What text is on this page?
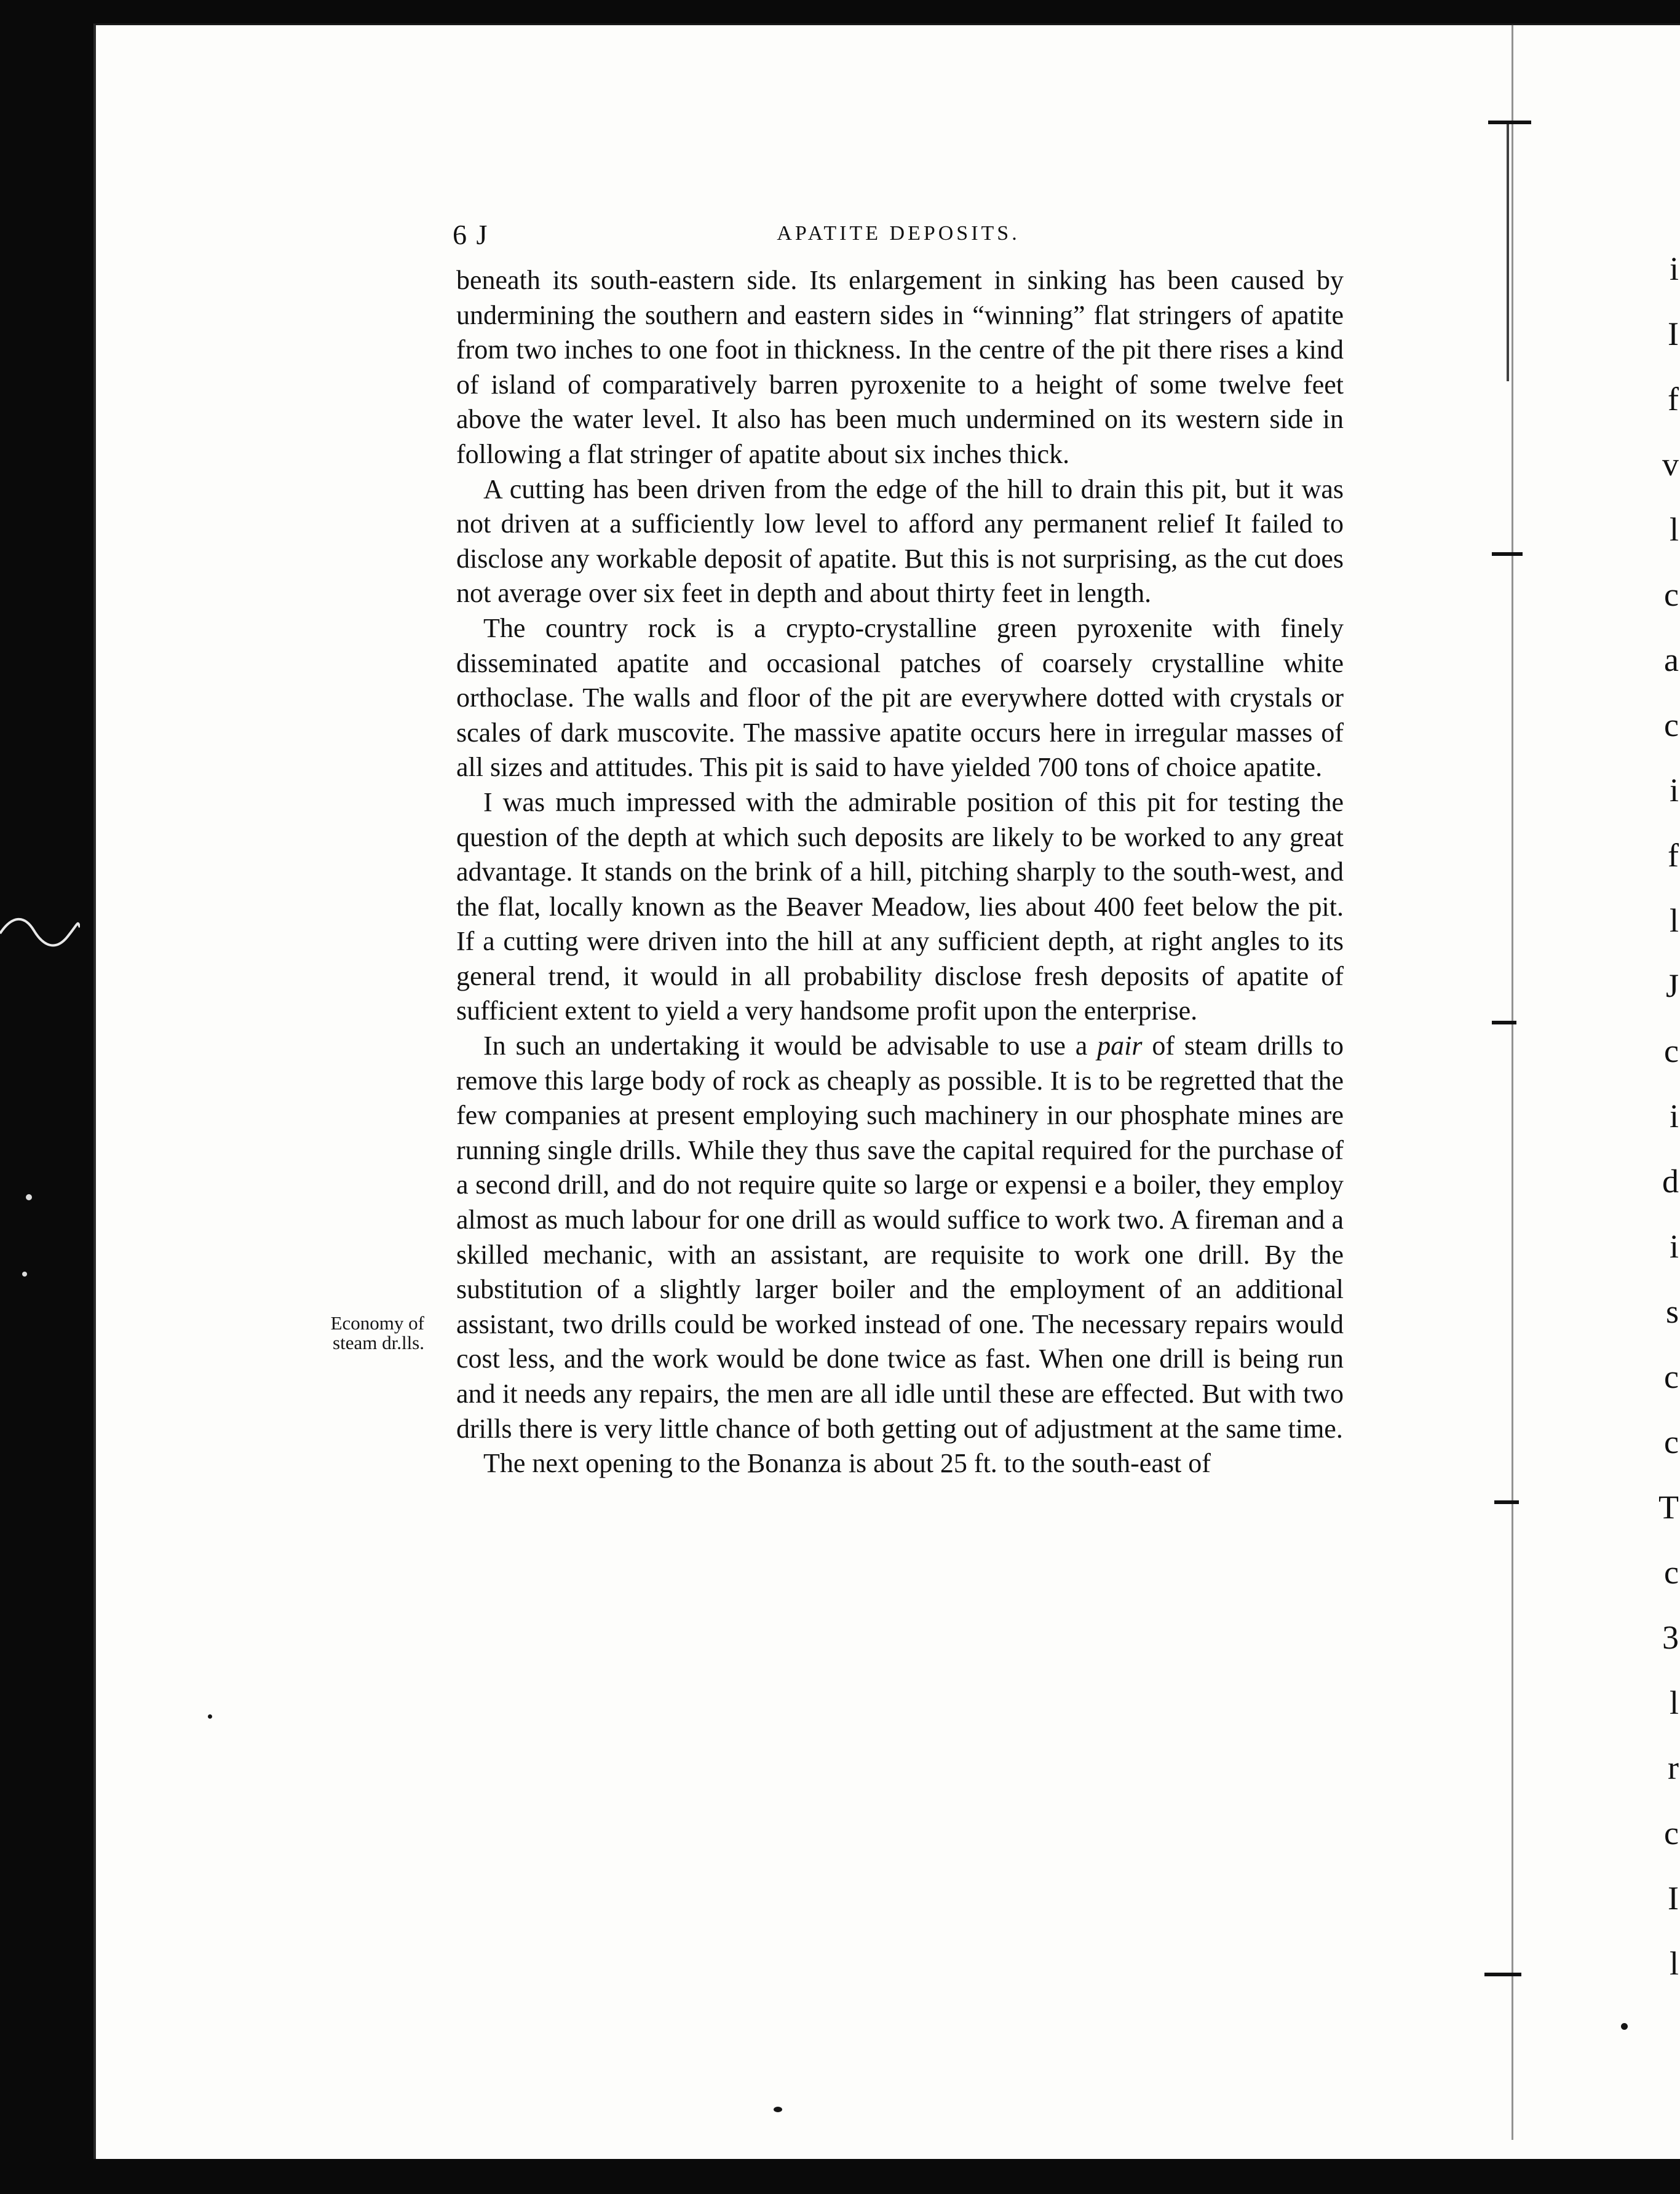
i
I
f
v
l
c
a
c
i
f
l
J
c
i
d
i
s
c
c
T
c
3
l
r
c
I
l
6 J	APATITE DEPOSITS.
Economy of
steam dr.lls.

beneath its south-eastern side. Its enlargement in sinking has been caused by undermining the southern and eastern sides in “winning” flat stringers of apatite from two inches to one foot in thickness. In the centre of the pit there rises a kind of island of comparatively barren pyroxenite to a height of some twelve feet above the water level. It also has been much undermined on its western side in following a flat stringer of apatite about six inches thick.

A cutting has been driven from the edge of the hill to drain this pit, but it was not driven at a sufficiently low level to afford any permanent relief It failed to disclose any workable deposit of apatite. But this is not surprising, as the cut does not average over six feet in depth and about thirty feet in length.

The country rock is a crypto-crystalline green pyroxenite with finely disseminated apatite and occasional patches of coarsely crystalline white orthoclase. The walls and floor of the pit are everywhere dotted with crystals or scales of dark muscovite. The massive apatite occurs here in irregular masses of all sizes and attitudes. This pit is said to have yielded 700 tons of choice apatite.

I was much impressed with the admirable position of this pit for testing the question of the depth at which such deposits are likely to be worked to any great advantage. It stands on the brink of a hill, pitching sharply to the south-west, and the flat, locally known as the Beaver Meadow, lies about 400 feet below the pit. If a cutting were driven into the hill at any sufficient depth, at right angles to its general trend, it would in all probability disclose fresh deposits of apatite of sufficient extent to yield a very handsome profit upon the enterprise.

In such an undertaking it would be advisable to use a pair of steam drills to remove this large body of rock as cheaply as possible. It is to be regretted that the few companies at present employing such machinery in our phosphate mines are running single drills. While they thus save the capital required for the purchase of a second drill, and do not require quite so large or expensi e a boiler, they employ almost as much labour for one drill as would suffice to work two. A fireman and a skilled mechanic, with an assistant, are requisite to work one drill. By the substitution of a slightly larger boiler and the employment of an additional assistant, two drills could be worked instead of one. The necessary repairs would cost less, and the work would be done twice as fast. When one drill is being run and it needs any repairs, the men are all idle until these are effected. But with two drills there is very little chance of both getting out of adjustment at the same time.

The next opening to the Bonanza is about 25 ft. to the south-east of
